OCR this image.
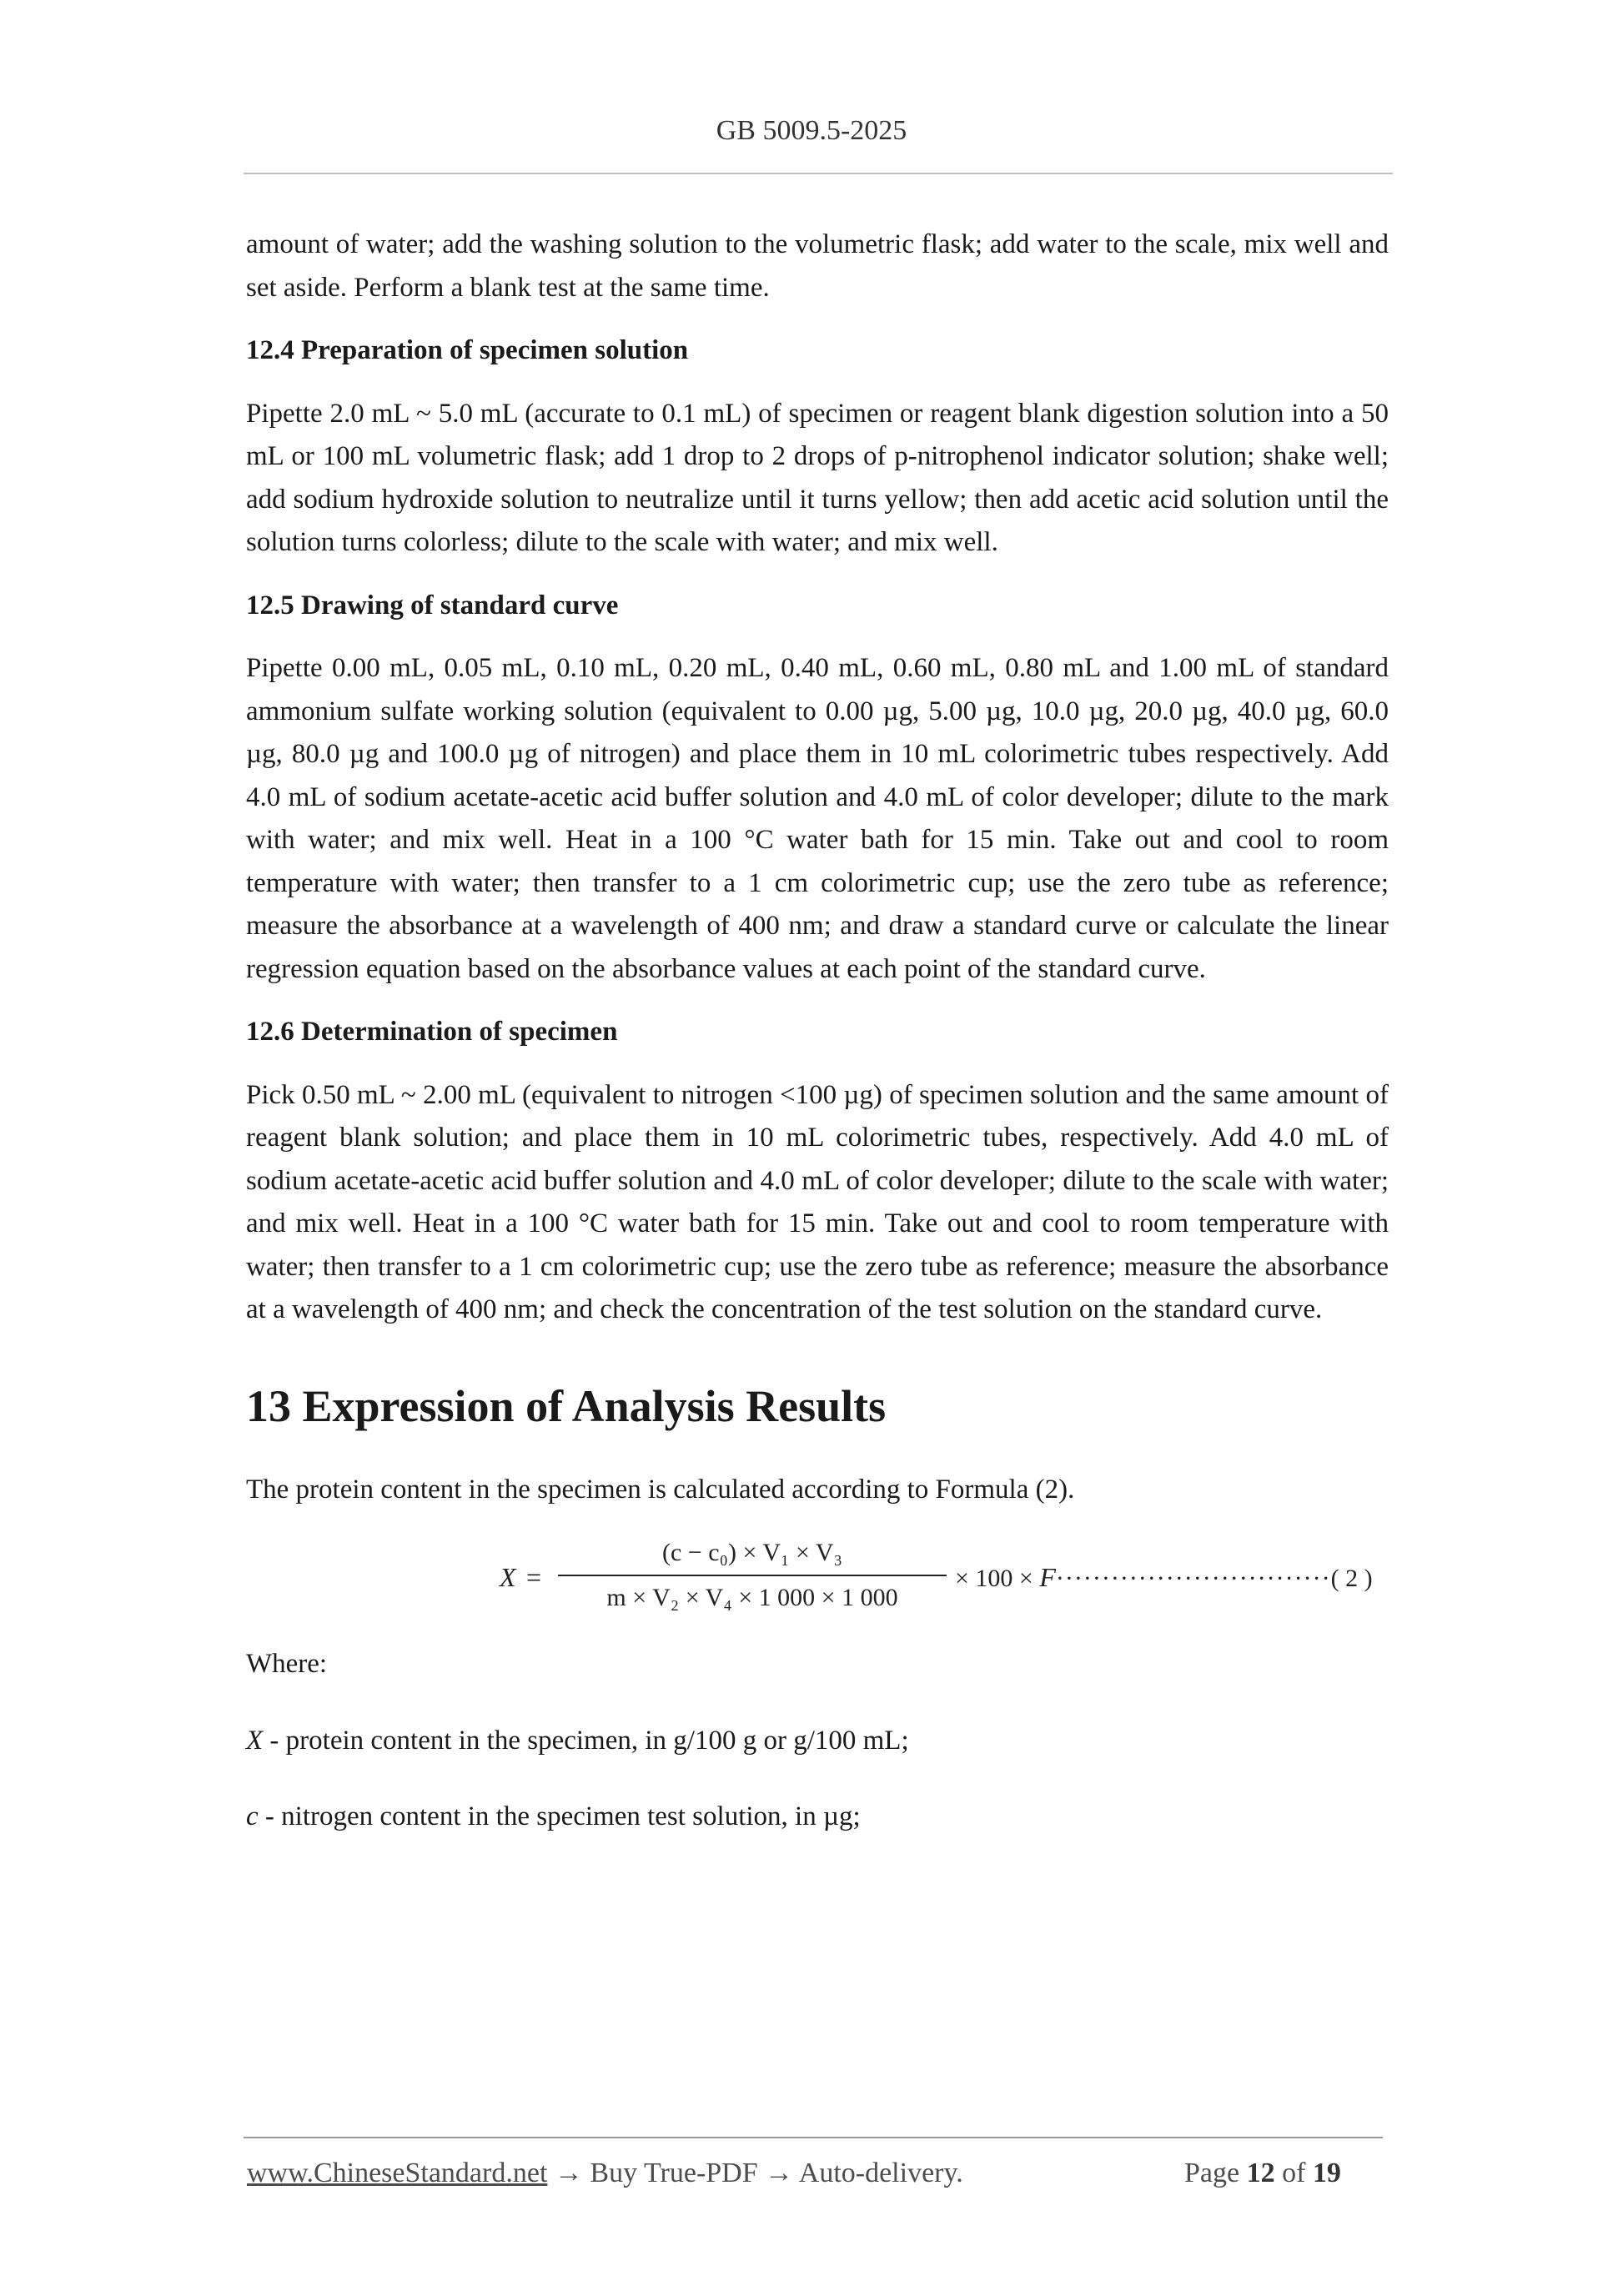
GB 5009.5-2025

amount of water; add the washing solution to the volumetric flask; add water to the scale, mix well and set aside. Perform a blank test at the same time.

12.4 Preparation of specimen solution

Pipette 2.0 mL ~ 5.0 mL (accurate to 0.1 mL) of specimen or reagent blank digestion solution into a 50 mL or 100 mL volumetric flask; add 1 drop to 2 drops of p-nitrophenol indicator solution; shake well; add sodium hydroxide solution to neutralize until it turns yellow; then add acetic acid solution until the solution turns colorless; dilute to the scale with water; and mix well.

12.5 Drawing of standard curve

Pipette 0.00 mL, 0.05 mL, 0.10 mL, 0.20 mL, 0.40 mL, 0.60 mL, 0.80 mL and 1.00 mL of standard ammonium sulfate working solution (equivalent to 0.00 µg, 5.00 µg, 10.0 µg, 20.0 µg, 40.0 µg, 60.0 µg, 80.0 µg and 100.0 µg of nitrogen) and place them in 10 mL colorimetric tubes respectively. Add 4.0 mL of sodium acetate-acetic acid buffer solution and 4.0 mL of color developer; dilute to the mark with water; and mix well. Heat in a 100 °C water bath for 15 min. Take out and cool to room temperature with water; then transfer to a 1 cm colorimetric cup; use the zero tube as reference; measure the absorbance at a wavelength of 400 nm; and draw a standard curve or calculate the linear regression equation based on the absorbance values at each point of the standard curve.

12.6 Determination of specimen

Pick 0.50 mL ~ 2.00 mL (equivalent to nitrogen <100 µg) of specimen solution and the same amount of reagent blank solution; and place them in 10 mL colorimetric tubes, respectively. Add 4.0 mL of sodium acetate-acetic acid buffer solution and 4.0 mL of color developer; dilute to the scale with water; and mix well. Heat in a 100 °C water bath for 15 min. Take out and cool to room temperature with water; then transfer to a 1 cm colorimetric cup; use the zero tube as reference; measure the absorbance at a wavelength of 400 nm; and check the concentration of the test solution on the standard curve.

13 Expression of Analysis Results

The protein content in the specimen is calculated according to Formula (2).

X =
(c − c₀) × V₁ × V₃
m × V₂ × V₄ × 1 000 × 1 000
× 100 × F······························( 2 )

Where:

X - protein content in the specimen, in g/100 g or g/100 mL;

c - nitrogen content in the specimen test solution, in µg;

www.ChineseStandard.net → Buy True-PDF → Auto-delivery.	Page 12 of 19
